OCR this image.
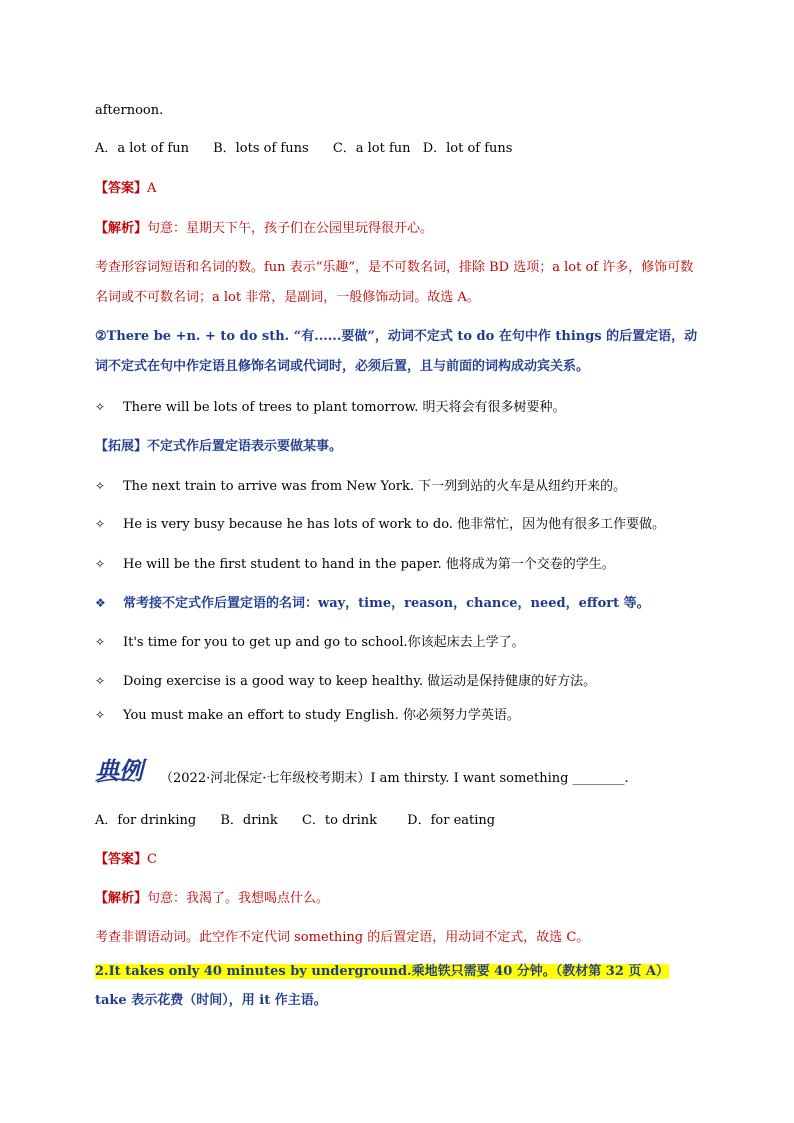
afternoon.
A．a lot of fun B．lots of funs C．a lot fun D．lot of funs
【答案】A
【解析】句意：星期天下午，孩子们在公园里玩得很开心。
考查形容词短语和名词的数。fun 表示“乐趣”，是不可数名词，排除 BD 选项；a lot of 许多，修饰可数名词或不可数名词；a lot 非常，是副词，一般修饰动词。故选 A。
②There be +n. + to do sth. “有......要做”，动词不定式 to do 在句中作 things 的后置定语，动词不定式在句中作定语且修饰名词或代词时，必须后置，且与前面的词构成动宾关系。
✧ There will be lots of trees to plant tomorrow. 明天将会有很多树要种。
【拓展】不定式作后置定语表示要做某事。
✧ The next train to arrive was from New York. 下一列到站的火车是从纽约开来的。
✧ He is very busy because he has lots of work to do. 他非常忙，因为他有很多工作要做。
✧ He will be the first student to hand in the paper. 他将成为第一个交卷的学生。
❖ 常考接不定式作后置定语的名词：way，time，reason，chance，need，effort 等。
✧ It's time for you to get up and go to school.你该起床去上学了。
✧ Doing exercise is a good way to keep healthy. 做运动是保持健康的好方法。
✧ You must make an effort to study English. 你必须努力学英语。
典例	（2022·河北保定·七年级校考期末）I am thirsty. I want something ________.
A．for drinking B．drink C．to drink D．for eating
【答案】C
【解析】句意：我渴了。我想喝点什么。
考查非谓语动词。此空作不定代词 something 的后置定语，用动词不定式，故选 C。
2.It takes only 40 minutes by underground.乘地铁只需要 40 分钟。（教材第 32 页 A）
take 表示花费（时间），用 it 作主语。
